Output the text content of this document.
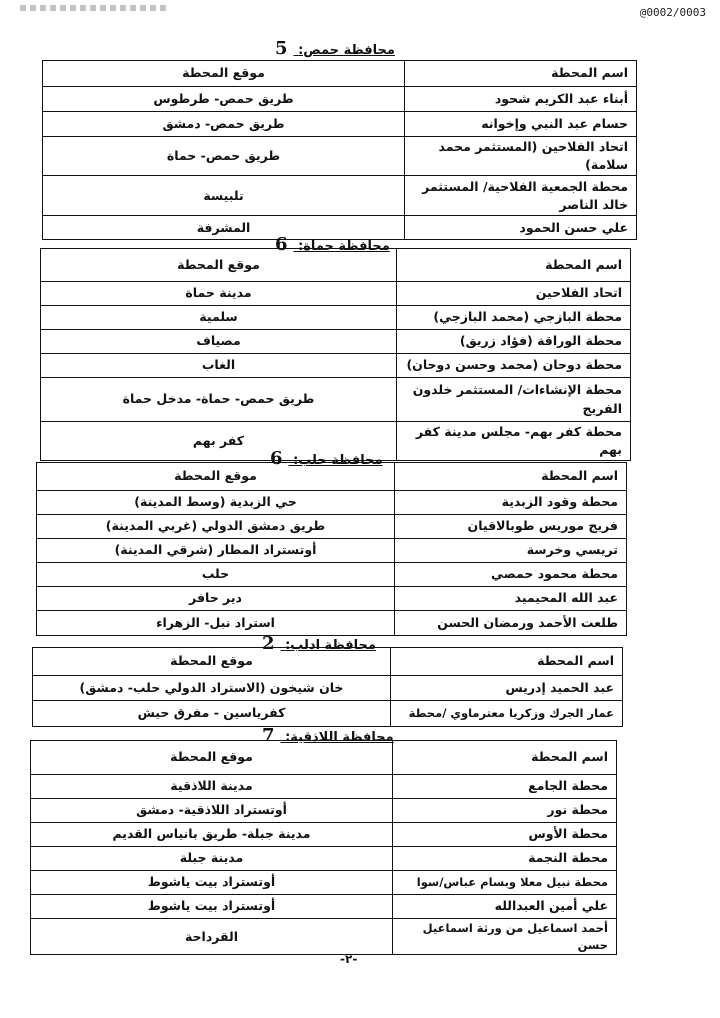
@0002/0003
محافظة حمص: 5
اسم المحطة	موقع المحطة
أبناء عبد الكريم شحود	طريق حمص- طرطوس
حسام عبد النبي وإخوانه	طريق حمص- دمشق
اتحاد الفلاحين (المستثمر محمد سلامة)	طريق حمص- حماة
محطة الجمعية الفلاحية/ المستثمر خالد الناصر	تلبيسة
علي حسن الحمود	المشرفة
محافظة حماة: 6
اسم المحطة	موقع المحطة
اتحاد الفلاحين	مدينة حماة
محطة البازجي (محمد البازجي)	سلمية
محطة الوراقة (فؤاد زريق)	مصياف
محطة دوحان (محمد وحسن دوحان)	الغاب
محطة الإنشاءات/ المستثمر خلدون الفريج	طريق حمص- حماة- مدخل حماة
محطة كفر بهم- مجلس مدينة كفر بهم	كفر بهم
محافظة حلب: 6
اسم المحطة	موقع المحطة
محطة وقود الزبدية	حي الزبدية (وسط المدينة)
فريج موريس طوبالاقيان	طريق دمشق الدولي (غربي المدينة)
تريسي وخرسة	أوتستراد المطار (شرقي المدينة)
محطة محمود حمصي	حلب
عبد الله المحيميد	دير حافر
طلعت الأحمد ورمضان الحسن	استراد نبل- الزهراء
محافظة ادلب: 2
اسم المحطة	موقع المحطة
عبد الحميد إدريس	خان شيخون (الاستراد الدولي حلب- دمشق)
عمار الجرك وزكريا معترماوي /محطة	كفرياسين - مفرق حيش
محافظة اللاذقية: 7
اسم المحطة	موقع المحطة
محطة الجامع	مدينة اللاذقية
محطة نور	أوتستراد اللاذقية- دمشق
محطة الأوس	مدينة جبلة- طريق بانياس القديم
محطة النجمة	مدينة جبلة
محطة نبيل معلا وبسام عباس/سوا	أوتستراد بيت ياشوط
علي أمين العبدالله	أوتستراد بيت ياشوط
أحمد اسماعيل من ورثة اسماعيل حسن	القرداحة
-٢-
